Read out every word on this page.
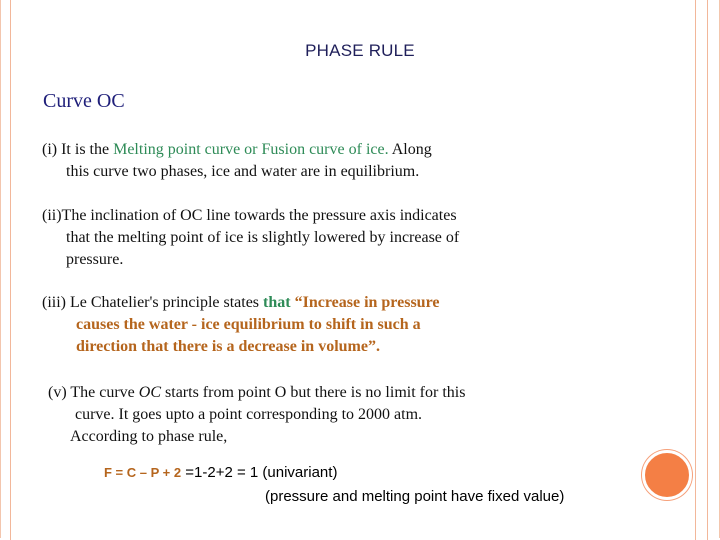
PHASE RULE
Curve OC
(i) It is the Melting point curve or Fusion curve of ice. Along
this curve two phases, ice and water are in equilibrium.
(ii)The inclination of OC line towards the pressure axis indicates
that the melting point of ice is slightly lowered by increase of
pressure.
(iii) Le Chatelier's principle states that “Increase in pressure
causes the water - ice equilibrium to shift in such a
direction that there is a decrease in volume”.
(v) The curve OC starts from point O but there is no limit for this
curve. It goes upto a point corresponding to 2000 atm.
According to phase rule,
F = C – P + 2 =1-2+2 = 1 (univariant)
(pressure and melting point have fixed value)
